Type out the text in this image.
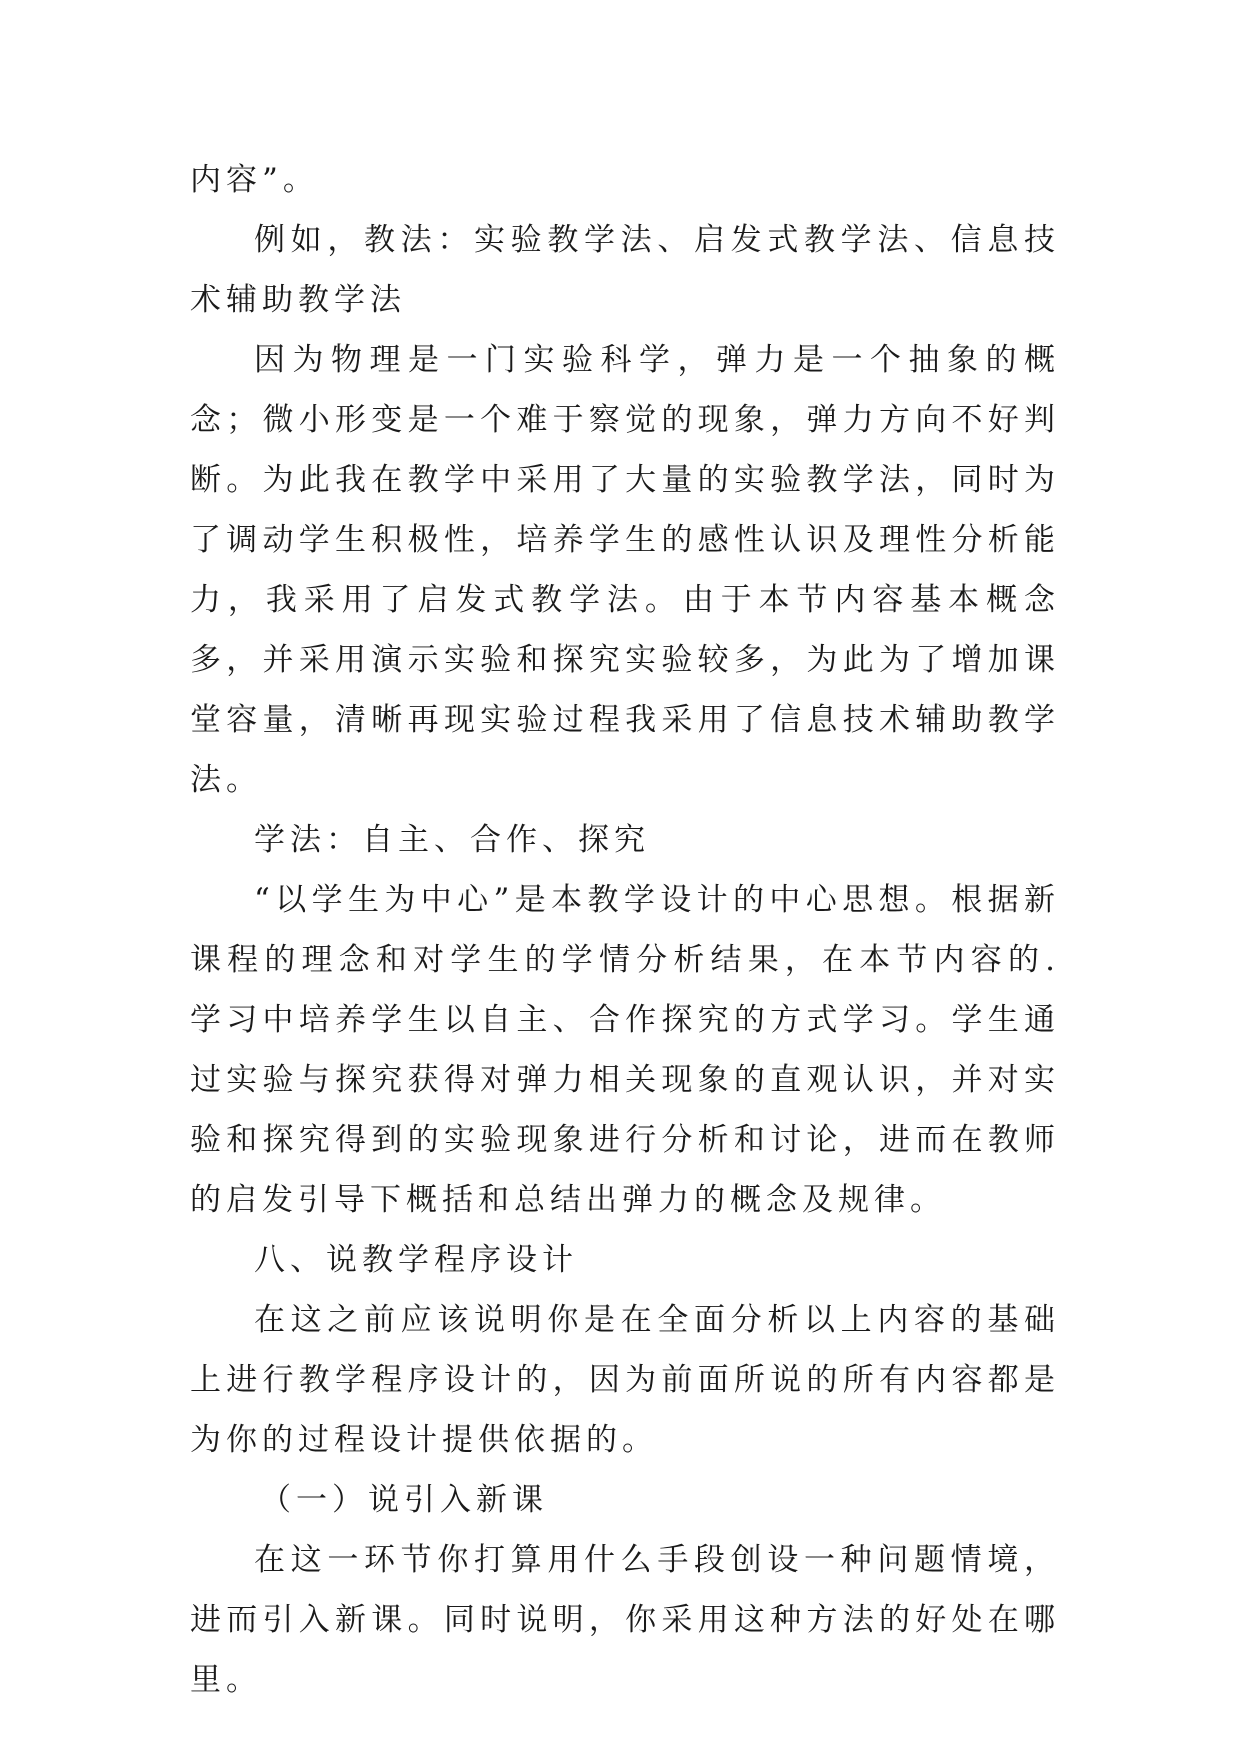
内容”。

例如，教法：实验教学法、启发式教学法、信息技术辅助教学法

因为物理是一门实验科学，弹力是一个抽象的概念；微小形变是一个难于察觉的现象，弹力方向不好判断。为此我在教学中采用了大量的实验教学法，同时为了调动学生积极性，培养学生的感性认识及理性分析能力，我采用了启发式教学法。由于本节内容基本概念多，并采用演示实验和探究实验较多，为此为了增加课堂容量，清晰再现实验过程我采用了信息技术辅助教学法。

学法：自主、合作、探究

“以学生为中心”是本教学设计的中心思想。根据新课程的理念和对学生的学情分析结果，在本节内容的.学习中培养学生以自主、合作探究的方式学习。学生通过实验与探究获得对弹力相关现象的直观认识，并对实验和探究得到的实验现象进行分析和讨论，进而在教师的启发引导下概括和总结出弹力的概念及规律。

八、说教学程序设计

在这之前应该说明你是在全面分析以上内容的基础上进行教学程序设计的，因为前面所说的所有内容都是为你的过程设计提供依据的。

（一）说引入新课

在这一环节你打算用什么手段创设一种问题情境，进而引入新课。同时说明，你采用这种方法的好处在哪里。
